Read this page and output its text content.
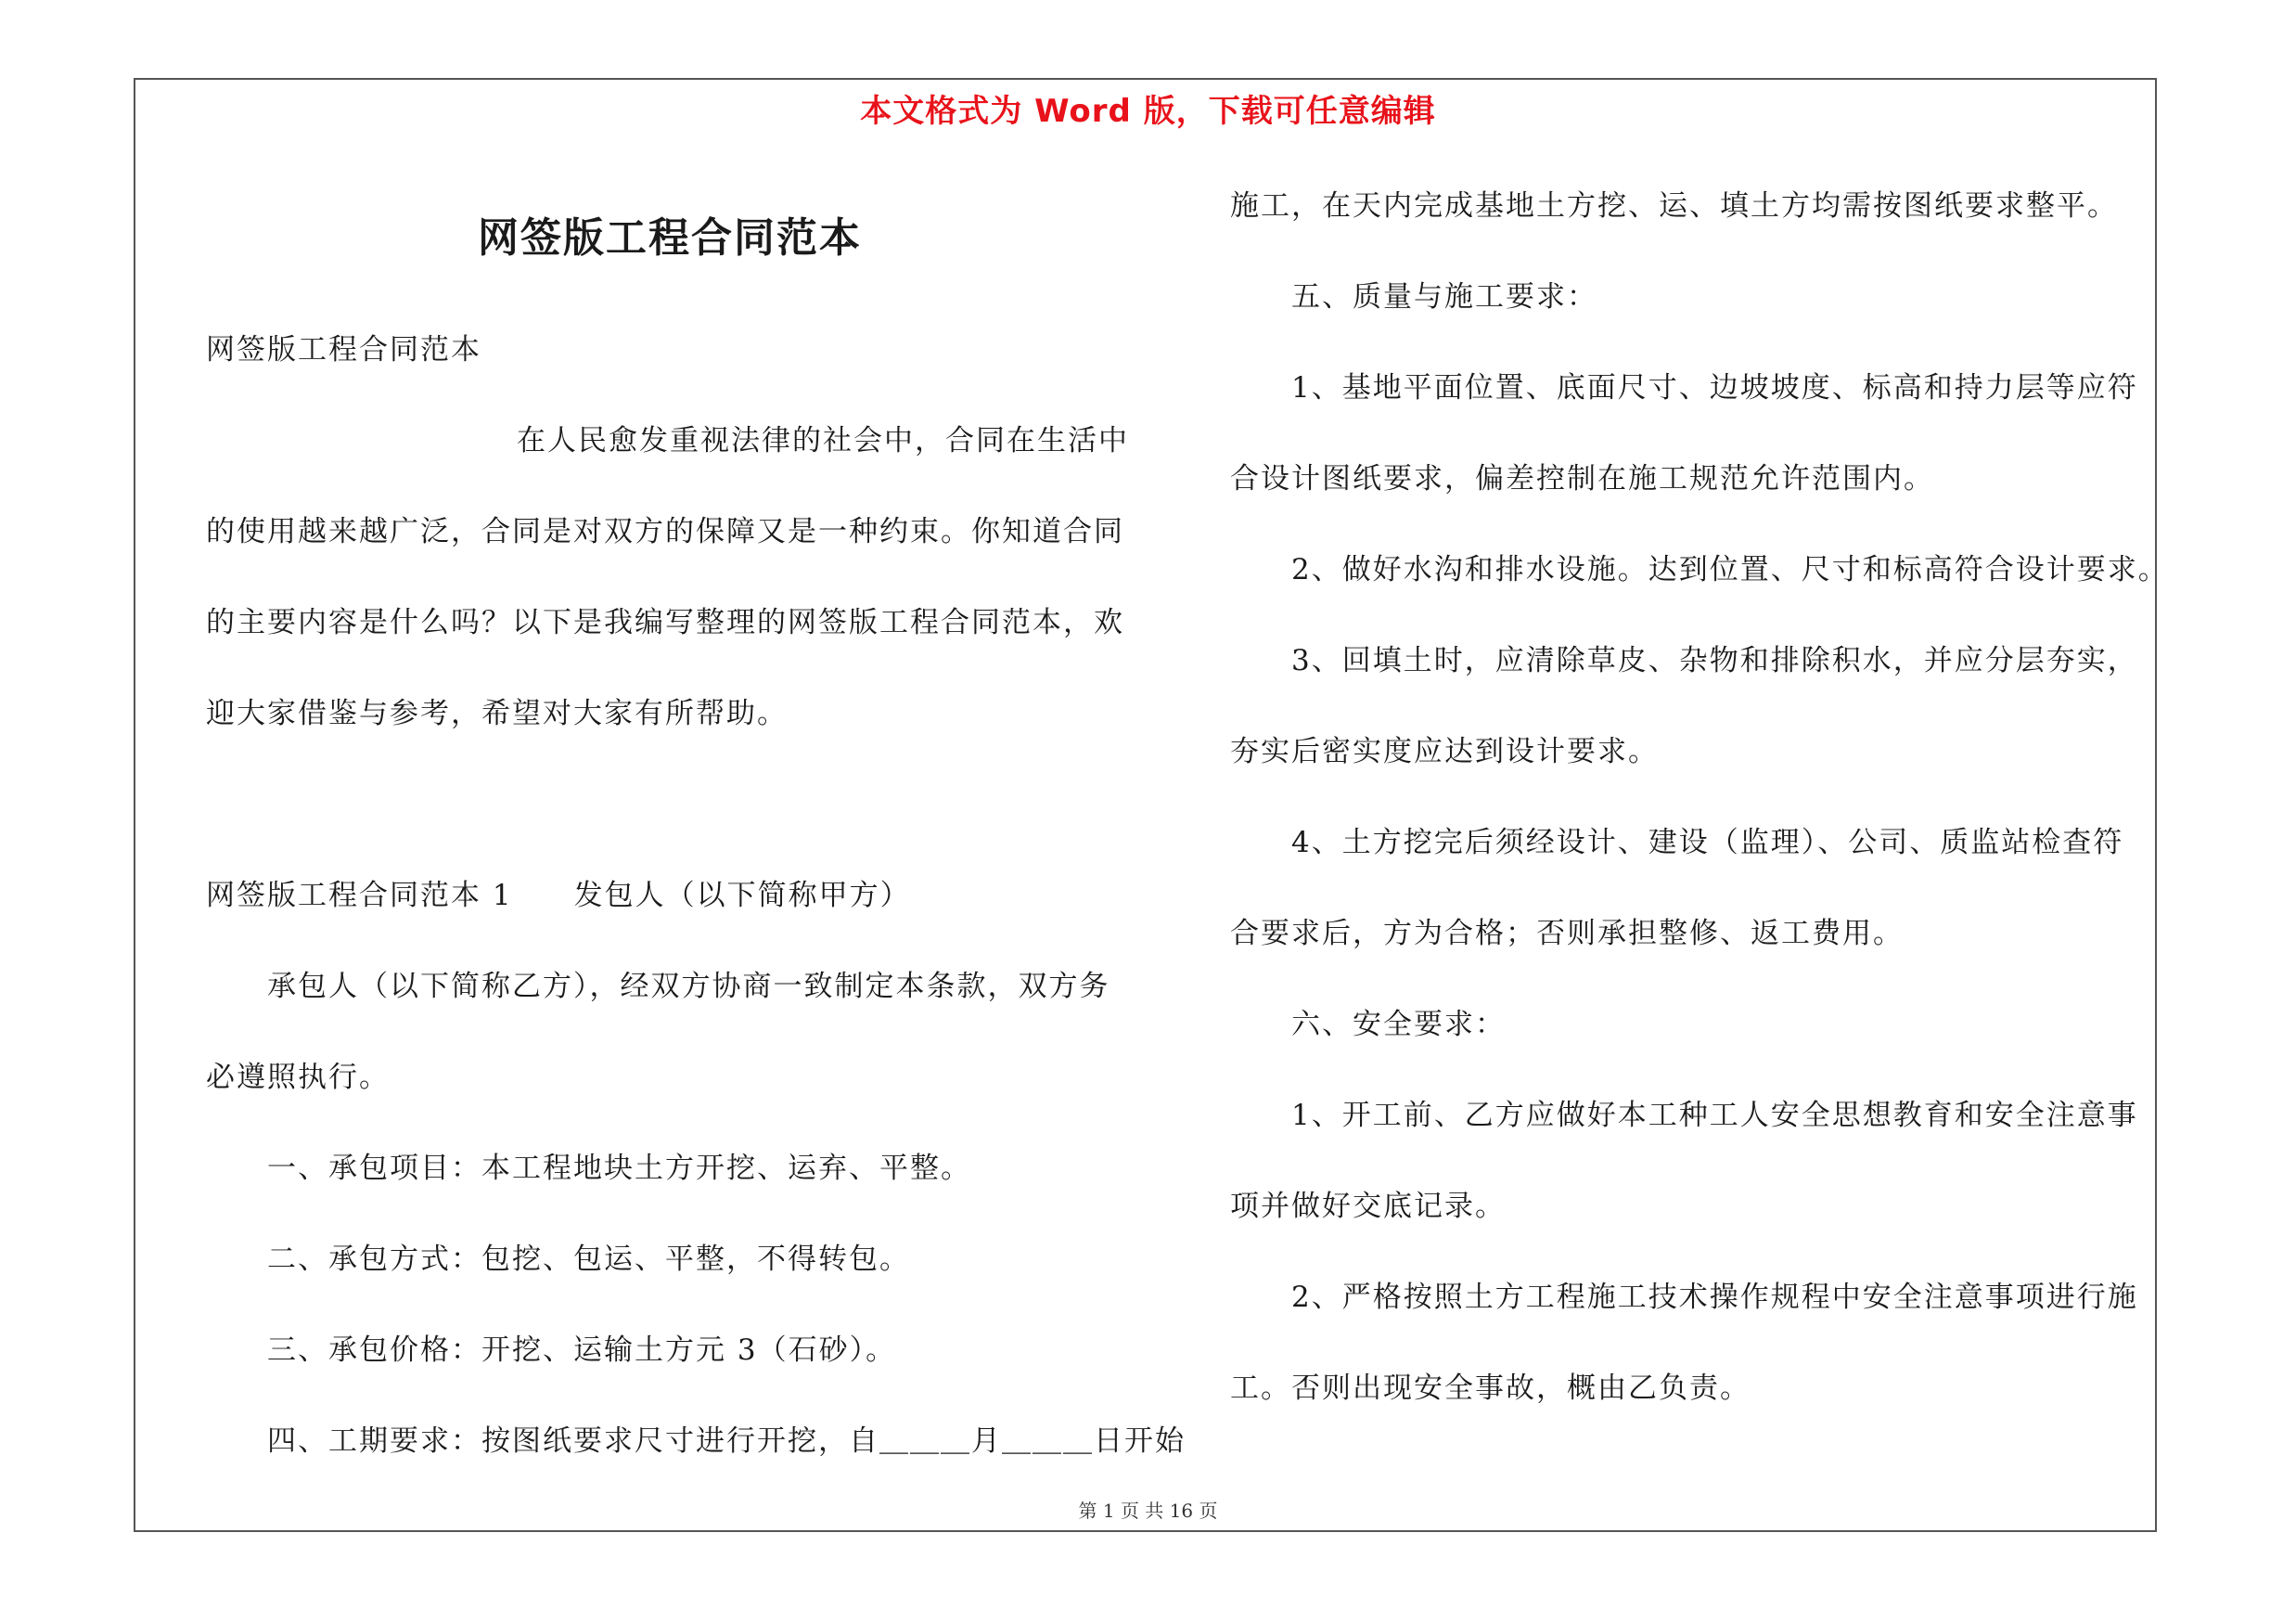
本文格式为 Word 版，下载可任意编辑
网签版工程合同范本
网签版工程合同范本
在人民愈发重视法律的社会中，合同在生活中
的使用越来越广泛，合同是对双方的保障又是一种约束。你知道合同
的主要内容是什么吗？以下是我编写整理的网签版工程合同范本，欢
迎大家借鉴与参考，希望对大家有所帮助。
网签版工程合同范本 1　　发包人（以下简称甲方）
承包人（以下简称乙方），经双方协商一致制定本条款，双方务
必遵照执行。
一、承包项目：本工程地块土方开挖、运弃、平整。
二、承包方式：包挖、包运、平整，不得转包。
三、承包价格：开挖、运输土方元 3（石砂）。
四、工期要求：按图纸要求尺寸进行开挖，自＿＿＿月＿＿＿日开始
施工，在天内完成基地土方挖、运、填土方均需按图纸要求整平。
五、质量与施工要求：
1、基地平面位置、底面尺寸、边坡坡度、标高和持力层等应符
合设计图纸要求，偏差控制在施工规范允许范围内。
2、做好水沟和排水设施。达到位置、尺寸和标高符合设计要求。
3、回填土时，应清除草皮、杂物和排除积水，并应分层夯实，
夯实后密实度应达到设计要求。
4、土方挖完后须经设计、建设（监理）、公司、质监站检查符
合要求后，方为合格；否则承担整修、返工费用。
六、安全要求：
1、开工前、乙方应做好本工种工人安全思想教育和安全注意事
项并做好交底记录。
2、严格按照土方工程施工技术操作规程中安全注意事项进行施
工。否则出现安全事故，概由乙负责。
第 1 页 共 16 页
